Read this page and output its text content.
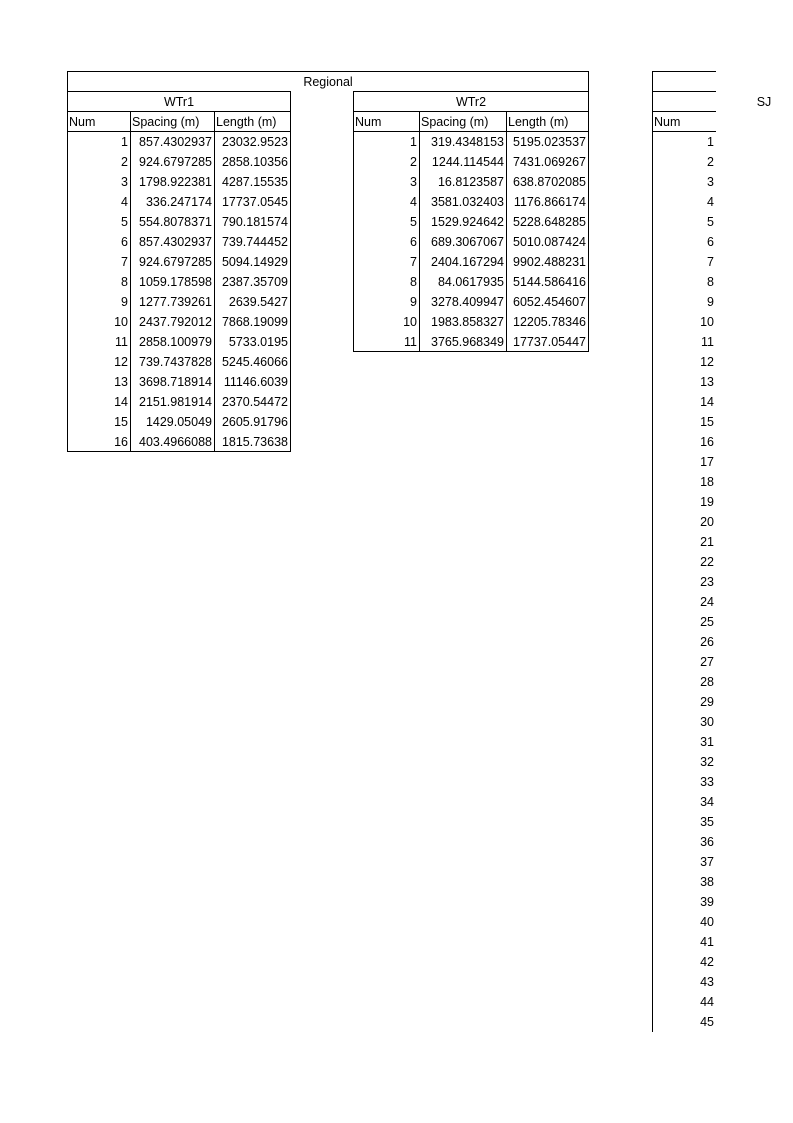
Regional
WTr1
Num	Spacing (m)	Length (m)
1 857.4302937 23032.9523
2 924.6797285 2858.10356
3 1798.922381 4287.15535
4	336.247174 17737.0545
5 554.8078371 790.181574
6 857.4302937 739.744452
7 924.6797285 5094.14929
8 1059.178598 2387.35709
9 1277.739261	2639.5427
10 2437.792012 7868.19099
11 2858.100979	5733.0195
12 739.7437828 5245.46066
13 3698.718914 11146.6039
14 2151.981914 2370.54472
15	1429.05049 2605.91796
16 403.4966088 1815.73638
WTr2
Num	Spacing (m)	Length (m)
1	319.4348153 5195.023537
2	1244.114544 7431.069267
3	16.8123587 638.8702085
4	3581.032403 1176.866174
5	1529.924642 5228.648285
6	689.3067067 5010.087424
7	2404.167294 9902.488231
8	84.0617935 5144.586416
9	3278.409947 6052.454607
10	1983.858327 12205.78346
11	3765.968349 17737.05447
SJ
Num
1
2
3
4
5
6
7
8
9
10
11
12
13
14
15
16
17
18
19
20
21
22
23
24
25
26
27
28
29
30
31
32
33
34
35
36
37
38
39
40
41
42
43
44
45
